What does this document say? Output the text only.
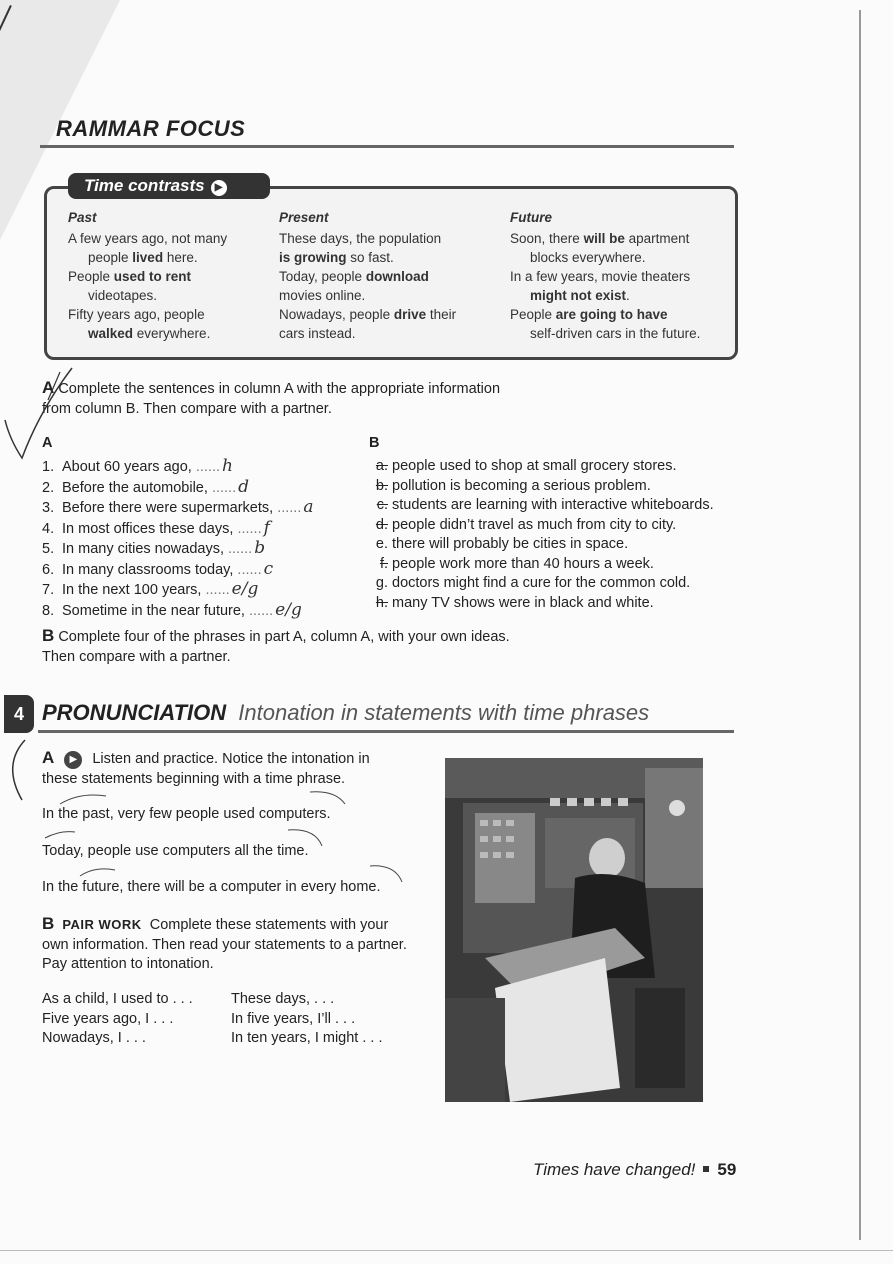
RAMMAR FOCUS
Time contrasts ▶
Past

A few years ago, not many

people lived here.

People used to rent

videotapes.

Fifty years ago, people

walked everywhere.

Present

These days, the population

is growing so fast.

Today, people download

movies online.

Nowadays, people drive their

cars instead.

Future

Soon, there will be apartment

blocks everywhere.

In a few years, movie theaters

might not exist.

People are going to have

self-driven cars in the future.

A Complete the sentences in column A with the appropriate information
from column B. Then compare with a partner.
A	B
1. About 60 years ago, ...... h
2. Before the automobile, ...... d
3. Before there were supermarkets, ...... a
4. In most offices these days, ...... f
5. In many cities nowadays, ...... b
6. In many classrooms today, ...... c
7. In the next 100 years, ...... e/g
8. Sometime in the near future, ...... e/g
a. people used to shop at small grocery stores.
b. pollution is becoming a serious problem.
c. students are learning with interactive whiteboards.
d. people didn’t travel as much from city to city.
e. there will probably be cities in space.
f. people work more than 40 hours a week.
g. doctors might find a cure for the common cold.
h. many TV shows were in black and white.
B Complete four of the phrases in part A, column A, with your own ideas.
Then compare with a partner.
4 PRONUNCIATION Intonation in statements with time phrases
A ▶ Listen and practice. Notice the intonation in
these statements beginning with a time phrase.
In the past, very few people used computers.
Today, people use computers all the time.
In the future, there will be a computer in every home.
B PAIR WORK Complete these statements with your
own information. Then read your statements to a partner.
Pay attention to intonation.
As a child, I used to . . .
Five years ago, I . . .
Nowadays, I . . .
These days, . . .
In five years, I’ll . . .
In ten years, I might . . .
Times have changed! 59
